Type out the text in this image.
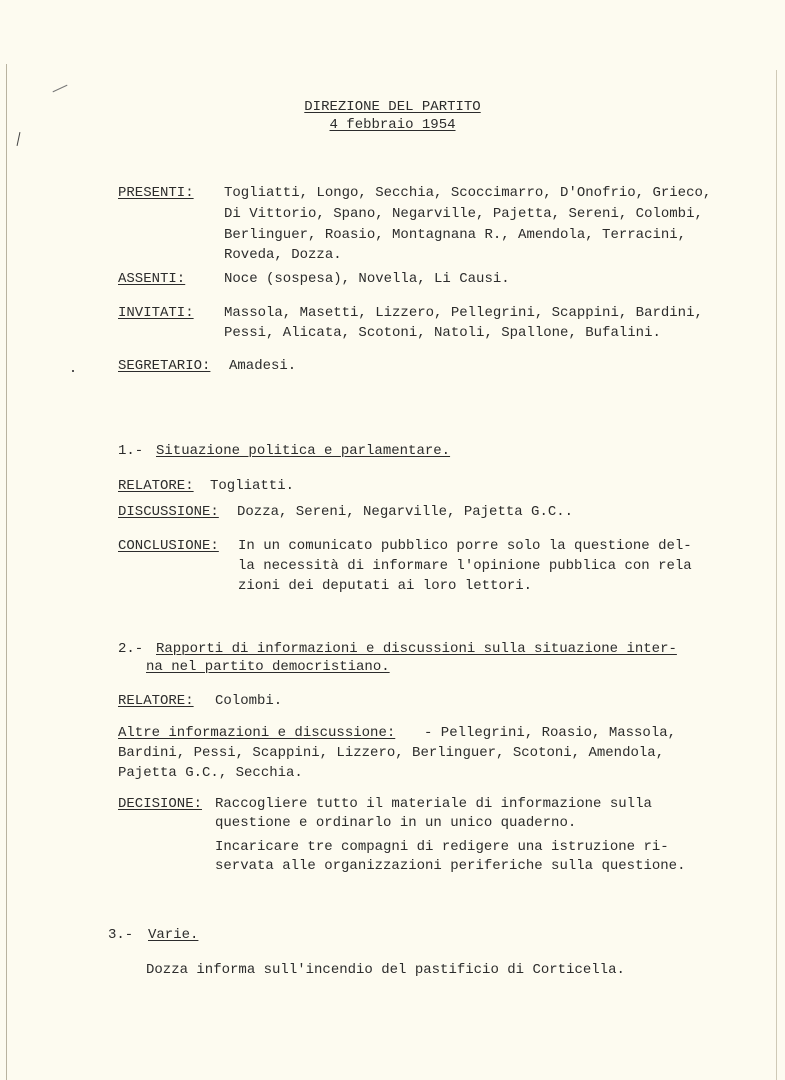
DIREZIONE DEL PARTITO
4 febbraio 1954
PRESENTI: Togliatti, Longo, Secchia, Scoccimarro, D'Onofrio, Grieco,
Di Vittorio, Spano, Negarville, Pajetta, Sereni, Colombi,
Berlinguer, Roasio, Montagnana R., Amendola, Terracini,
Roveda, Dozza.
ASSENTI:	Noce (sospesa), Novella, Li Causi.
INVITATI: Massola, Masetti, Lizzero, Pellegrini, Scappini, Bardini,
Pessi, Alicata, Scotoni, Natoli, Spallone, Bufalini.
SEGRETARIO: Amadesi.
1.- Situazione politica e parlamentare.
RELATORE: Togliatti.
DISCUSSIONE: Dozza, Sereni, Negarville, Pajetta G.C..
CONCLUSIONE: In un comunicato pubblico porre solo la questione del-
la necessità di informare l'opinione pubblica con rela
zioni dei deputati ai loro lettori.
2.- Rapporti di informazioni e discussioni sulla situazione inter-
na nel partito democristiano.
RELATORE: Colombi.
Altre informazioni e discussione: - Pellegrini, Roasio, Massola,
Bardini, Pessi, Scappini, Lizzero, Berlinguer, Scotoni, Amendola,
Pajetta G.C., Secchia.
DECISIONE: Raccogliere tutto il materiale di informazione sulla
questione e ordinarlo in un unico quaderno.
Incaricare tre compagni di redigere una istruzione ri-
servata alle organizzazioni periferiche sulla questione.
3.- Varie.
Dozza informa sull'incendio del pastificio di Corticella.
